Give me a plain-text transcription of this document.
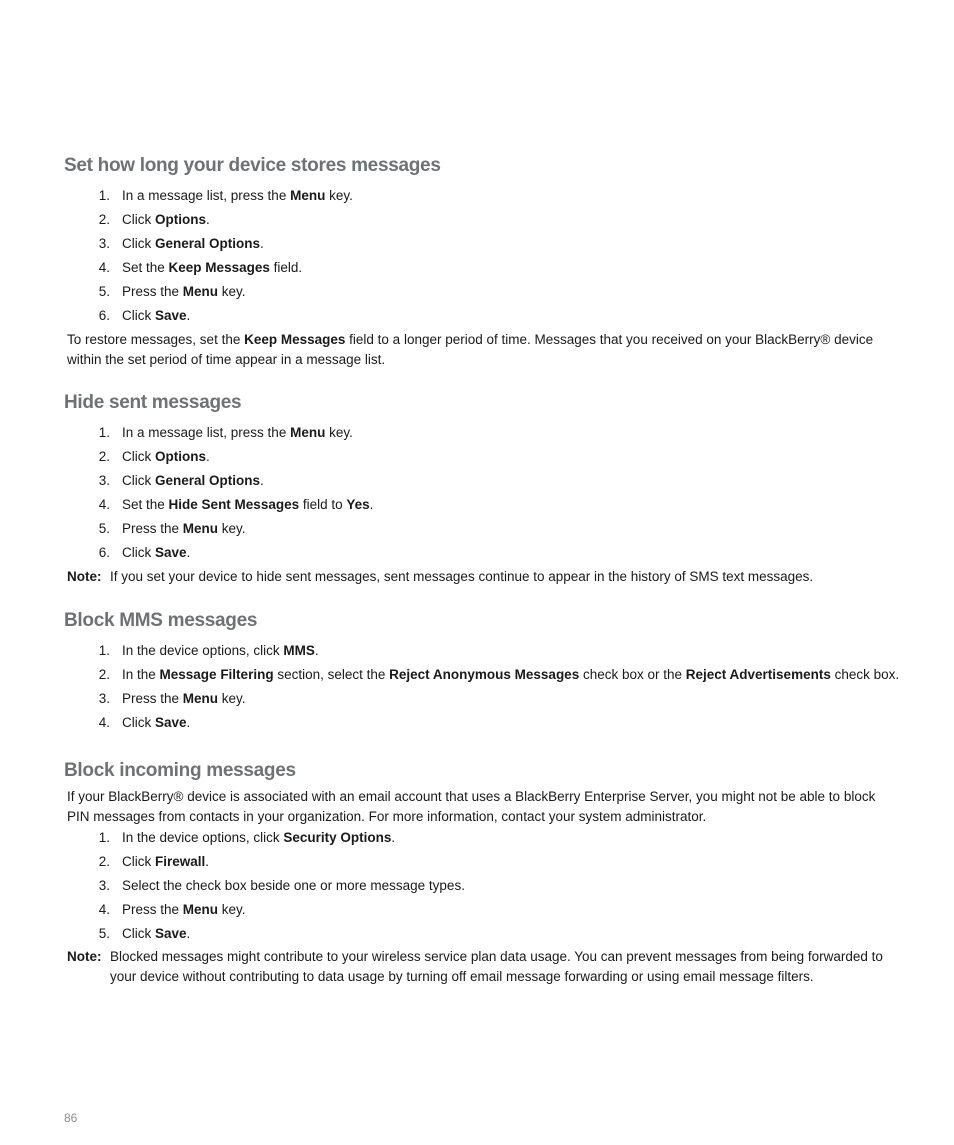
Set how long your device stores messages
1. In a message list, press the Menu key.
2. Click Options.
3. Click General Options.
4. Set the Keep Messages field.
5. Press the Menu key.
6. Click Save.
To restore messages, set the Keep Messages field to a longer period of time. Messages that you received on your BlackBerry® device within the set period of time appear in a message list.
Hide sent messages
1. In a message list, press the Menu key.
2. Click Options.
3. Click General Options.
4. Set the Hide Sent Messages field to Yes.
5. Press the Menu key.
6. Click Save.
Note: If you set your device to hide sent messages, sent messages continue to appear in the history of SMS text messages.
Block MMS messages
1. In the device options, click MMS.
2. In the Message Filtering section, select the Reject Anonymous Messages check box or the Reject Advertisements check box.
3. Press the Menu key.
4. Click Save.
Block incoming messages
If your BlackBerry® device is associated with an email account that uses a BlackBerry Enterprise Server, you might not be able to block PIN messages from contacts in your organization. For more information, contact your system administrator.
1. In the device options, click Security Options.
2. Click Firewall.
3. Select the check box beside one or more message types.
4. Press the Menu key.
5. Click Save.
Note: Blocked messages might contribute to your wireless service plan data usage. You can prevent messages from being forwarded to your device without contributing to data usage by turning off email message forwarding or using email message filters.
86
